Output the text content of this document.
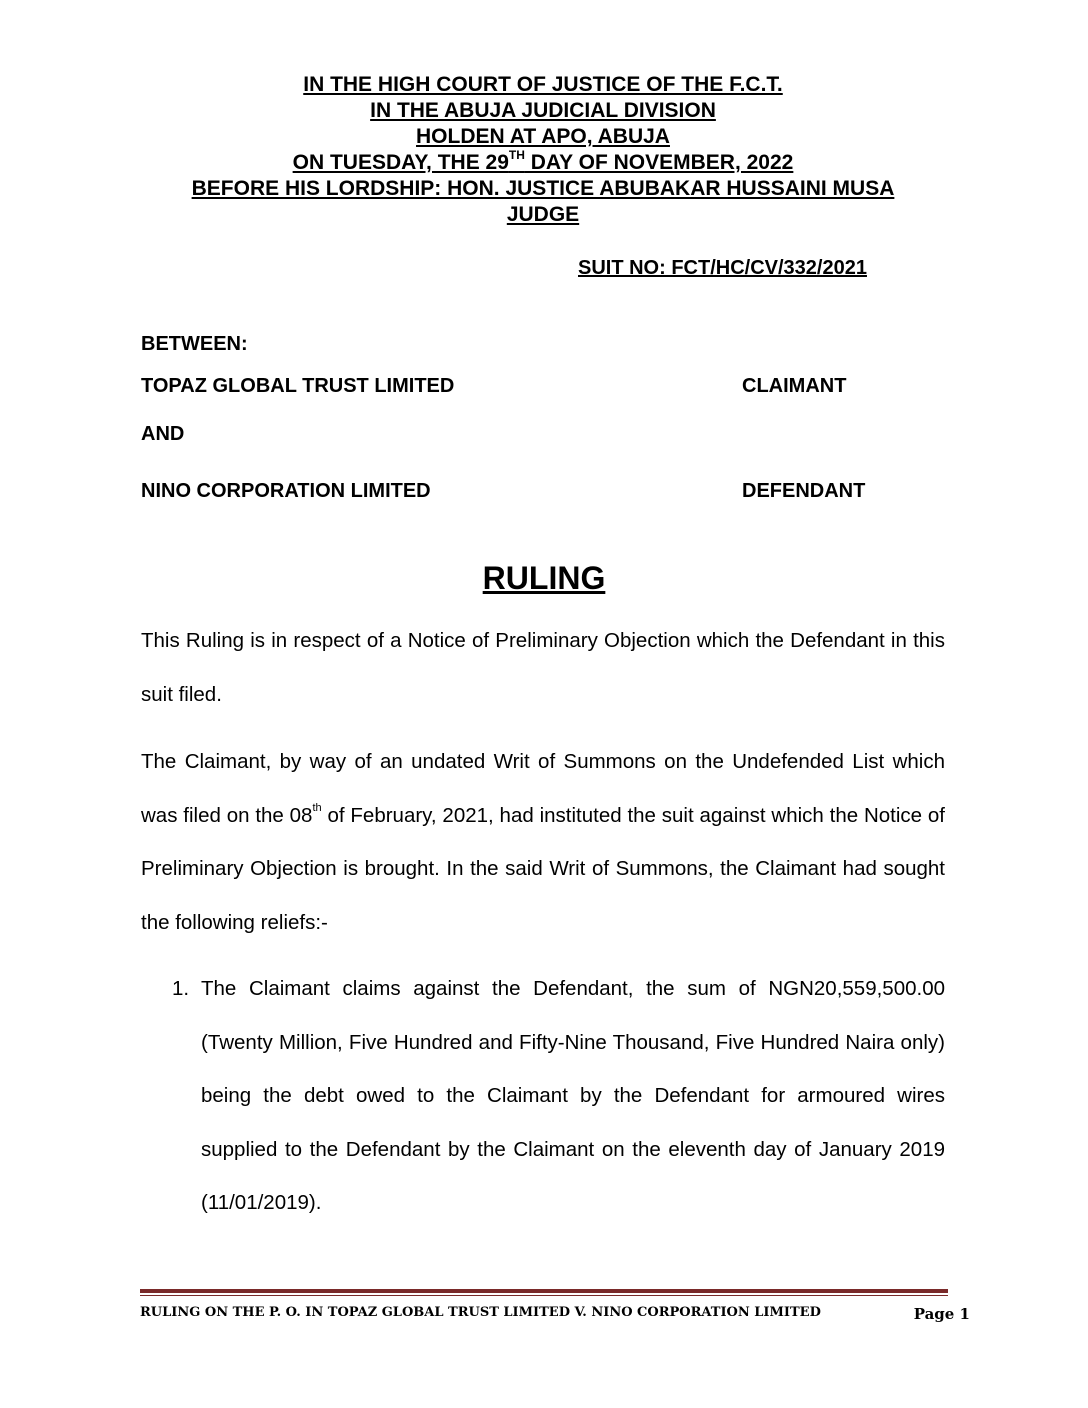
IN THE HIGH COURT OF JUSTICE OF THE F.C.T.
IN THE ABUJA JUDICIAL DIVISION
HOLDEN AT APO, ABUJA
ON TUESDAY, THE 29TH DAY OF NOVEMBER, 2022
BEFORE HIS LORDSHIP: HON. JUSTICE ABUBAKAR HUSSAINI MUSA
JUDGE
SUIT NO: FCT/HC/CV/332/2021
BETWEEN:
TOPAZ GLOBAL TRUST LIMITED	CLAIMANT
AND
NINO CORPORATION LIMITED	DEFENDANT
RULING
This Ruling is in respect of a Notice of Preliminary Objection which the Defendant in this suit filed.
The Claimant, by way of an undated Writ of Summons on the Undefended List which was filed on the 08th of February, 2021, had instituted the suit against which the Notice of Preliminary Objection is brought. In the said Writ of Summons, the Claimant had sought the following reliefs:-
1. The Claimant claims against the Defendant, the sum of NGN20,559,500.00 (Twenty Million, Five Hundred and Fifty-Nine Thousand, Five Hundred Naira only) being the debt owed to the Claimant by the Defendant for armoured wires supplied to the Defendant by the Claimant on the eleventh day of January 2019 (11/01/2019).
RULING ON THE P. O. IN TOPAZ GLOBAL TRUST LIMITED V. NINO CORPORATION LIMITED	Page 1
